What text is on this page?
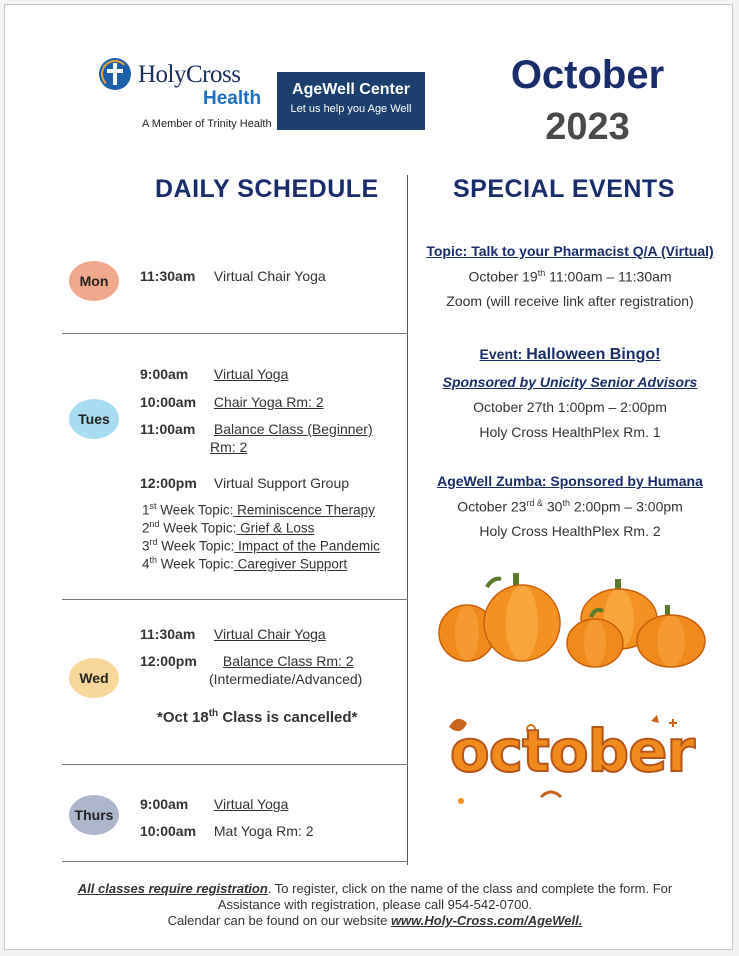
HolyCross
Health
A Member of Trinity Health
AgeWell Center
Let us help you Age Well
October
2023
DAILY SCHEDULE	SPECIAL EVENTS
Mon	11:30am Virtual Chair Yoga
Tues
9:00am Virtual Yoga
10:00am Chair Yoga Rm: 2
11:00am Balance Class (Beginner)
Rm: 2
12:00pm Virtual Support Group
1st Week Topic: Reminiscence Therapy
2nd Week Topic: Grief & Loss
3rd Week Topic: Impact of the Pandemic
4th Week Topic: Caregiver Support
Wed
11:30am Virtual Chair Yoga
12:00pm Balance Class Rm: 2
(Intermediate/Advanced)
*Oct 18th Class is cancelled*
Thurs
9:00am Virtual Yoga
10:00am Mat Yoga Rm: 2
Topic: Talk to your Pharmacist Q/A (Virtual)
October 19th 11:00am – 11:30am
Zoom (will receive link after registration)
Event: Halloween Bingo!
Sponsored by Unicity Senior Advisors
October 27th 1:00pm – 2:00pm
Holy Cross HealthPlex Rm. 1
AgeWell Zumba: Sponsored by Humana
October $23^{rd \&}$ 30th 2:00pm – 3:00pm
Holy Cross HealthPlex Rm. 2
october
All classes require registration. To register, click on the name of the class and complete the form. For Assistance with registration, please call 954-542-0700.
Calendar can be found on our website www.Holy-Cross.com/AgeWell.
